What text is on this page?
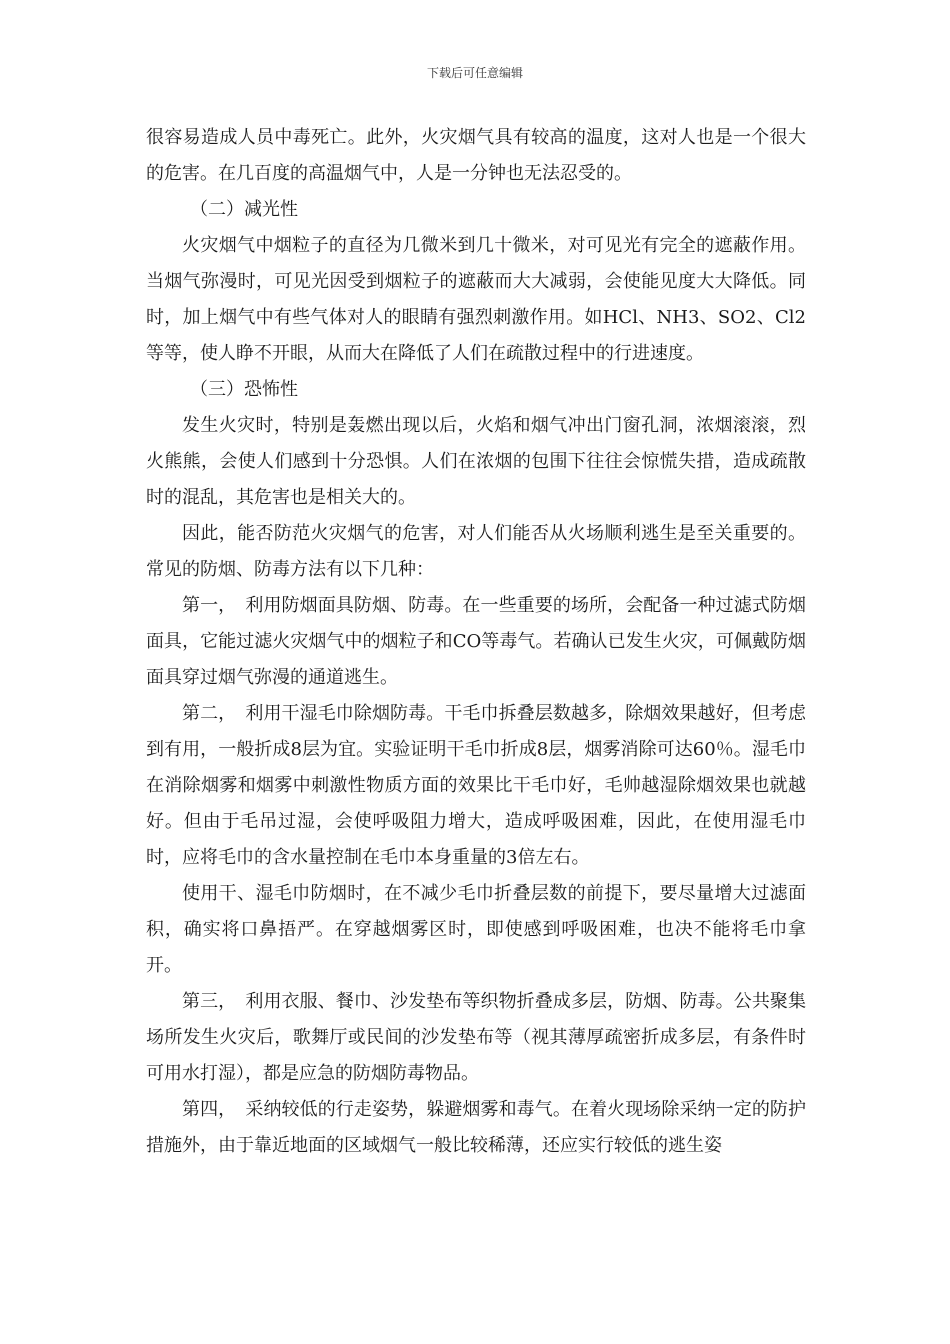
下载后可任意编辑

很容易造成人员中毒死亡。此外，火灾烟气具有较高的温度，这对人也是一个很大的危害。在几百度的高温烟气中，人是一分钟也无法忍受的。

（二）减光性

火灾烟气中烟粒子的直径为几微米到几十微米，对可见光有完全的遮蔽作用。当烟气弥漫时，可见光因受到烟粒子的遮蔽而大大减弱，会使能见度大大降低。同时，加上烟气中有些气体对人的眼睛有强烈刺激作用。如HCl、NH3、SO2、Cl2等等，使人睁不开眼，从而大在降低了人们在疏散过程中的行进速度。

（三）恐怖性

发生火灾时，特别是轰燃出现以后，火焰和烟气冲出门窗孔洞，浓烟滚滚，烈火熊熊，会使人们感到十分恐惧。人们在浓烟的包围下往往会惊慌失措，造成疏散时的混乱，其危害也是相关大的。

因此，能否防范火灾烟气的危害，对人们能否从火场顺利逃生是至关重要的。常见的防烟、防毒方法有以下几种：

第一，　利用防烟面具防烟、防毒。在一些重要的场所，会配备一种过滤式防烟面具，它能过滤火灾烟气中的烟粒子和CO等毒气。若确认已发生火灾，可佩戴防烟面具穿过烟气弥漫的通道逃生。

第二，　利用干湿毛巾除烟防毒。干毛巾拆叠层数越多，除烟效果越好，但考虑到有用，一般折成8层为宜。实验证明干毛巾折成8层，烟雾消除可达60％。湿毛巾在消除烟雾和烟雾中刺激性物质方面的效果比干毛巾好，毛帅越湿除烟效果也就越好。但由于毛吊过湿，会使呼吸阻力增大，造成呼吸困难，因此，在使用湿毛巾时，应将毛巾的含水量控制在毛巾本身重量的3倍左右。

使用干、湿毛巾防烟时，在不减少毛巾折叠层数的前提下，要尽量增大过滤面积，确实将口鼻捂严。在穿越烟雾区时，即使感到呼吸困难，也决不能将毛巾拿开。

第三，　利用衣服、餐巾、沙发垫布等织物折叠成多层，防烟、防毒。公共聚集场所发生火灾后，歌舞厅或民间的沙发垫布等（视其薄厚疏密折成多层，有条件时可用水打湿），都是应急的防烟防毒物品。

第四，　采纳较低的行走姿势，躲避烟雾和毒气。在着火现场除采纳一定的防护措施外，由于靠近地面的区域烟气一般比较稀薄，还应实行较低的逃生姿
